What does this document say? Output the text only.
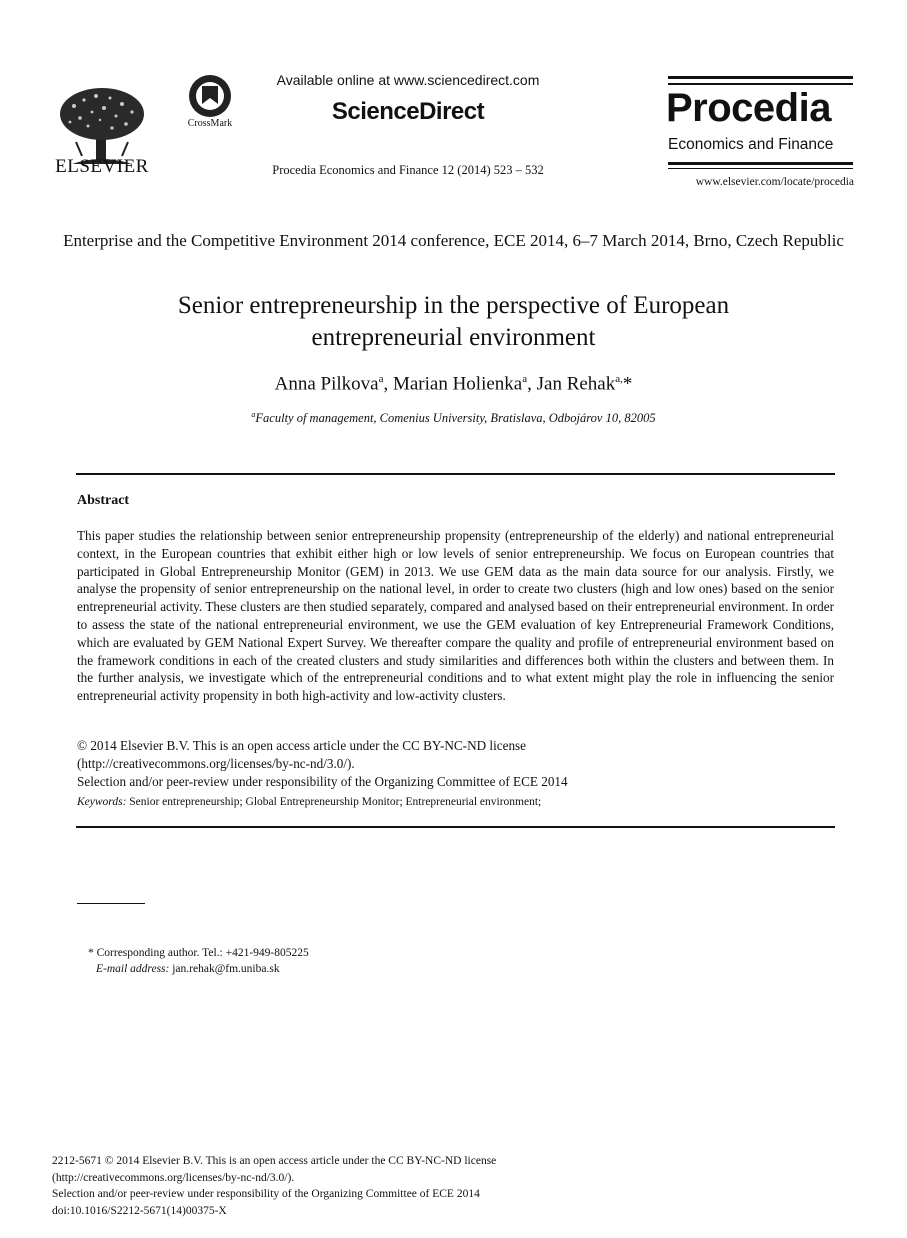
ELSEVIER
CrossMark
Available online at www.sciencedirect.com
ScienceDirect
Procedia Economics and Finance 12 (2014) 523 – 532
Procedia
Economics and Finance
www.elsevier.com/locate/procedia
Enterprise and the Competitive Environment 2014 conference, ECE 2014, 6–7 March 2014, Brno, Czech Republic
Senior entrepreneurship in the perspective of European
entrepreneurial environment
Anna Pilkova$^a$, Marian Holienka$^a$, Jan Rehak$^{a,}$*
$^a$Faculty of management, Comenius University, Bratislava, Odbojárov 10, 82005
Abstract
This paper studies the relationship between senior entrepreneurship propensity (entrepreneurship of the elderly) and national entrepreneurial context, in the European countries that exhibit either high or low levels of senior entrepreneurship. We focus on European countries that participated in Global Entrepreneurship Monitor (GEM) in 2013. We use GEM data as the main data source for our analysis. Firstly, we analyse the propensity of senior entrepreneurship on the national level, in order to create two clusters (high and low ones) based on the senior entrepreneurial activity. These clusters are then studied separately, compared and analysed based on their entrepreneurial environment. In order to assess the state of the national entrepreneurial environment, we use the GEM evaluation of key Entrepreneurial Framework Conditions, which are evaluated by GEM National Expert Survey. We thereafter compare the quality and profile of entrepreneurial environment based on the framework conditions in each of the created clusters and study similarities and differences both within the clusters and between them. In the further analysis, we investigate which of the entrepreneurial conditions and to what extent might play the role in influencing the senior entrepreneurial activity propensity in both high-activity and low-activity clusters.
© 2014 Elsevier B.V. This is an open access article under the CC BY-NC-ND license
(http://creativecommons.org/licenses/by-nc-nd/3.0/).
Selection and/or peer-review under responsibility of the Organizing Committee of ECE 2014
Keywords: Senior entrepreneurship; Global Entrepreneurship Monitor; Entrepreneurial environment;
* Corresponding author. Tel.: +421-949-805225
E-mail address: jan.rehak@fm.uniba.sk
2212-5671 © 2014 Elsevier B.V. This is an open access article under the CC BY-NC-ND license
(http://creativecommons.org/licenses/by-nc-nd/3.0/).
Selection and/or peer-review under responsibility of the Organizing Committee of ECE 2014
doi:10.1016/S2212-5671(14)00375-X
